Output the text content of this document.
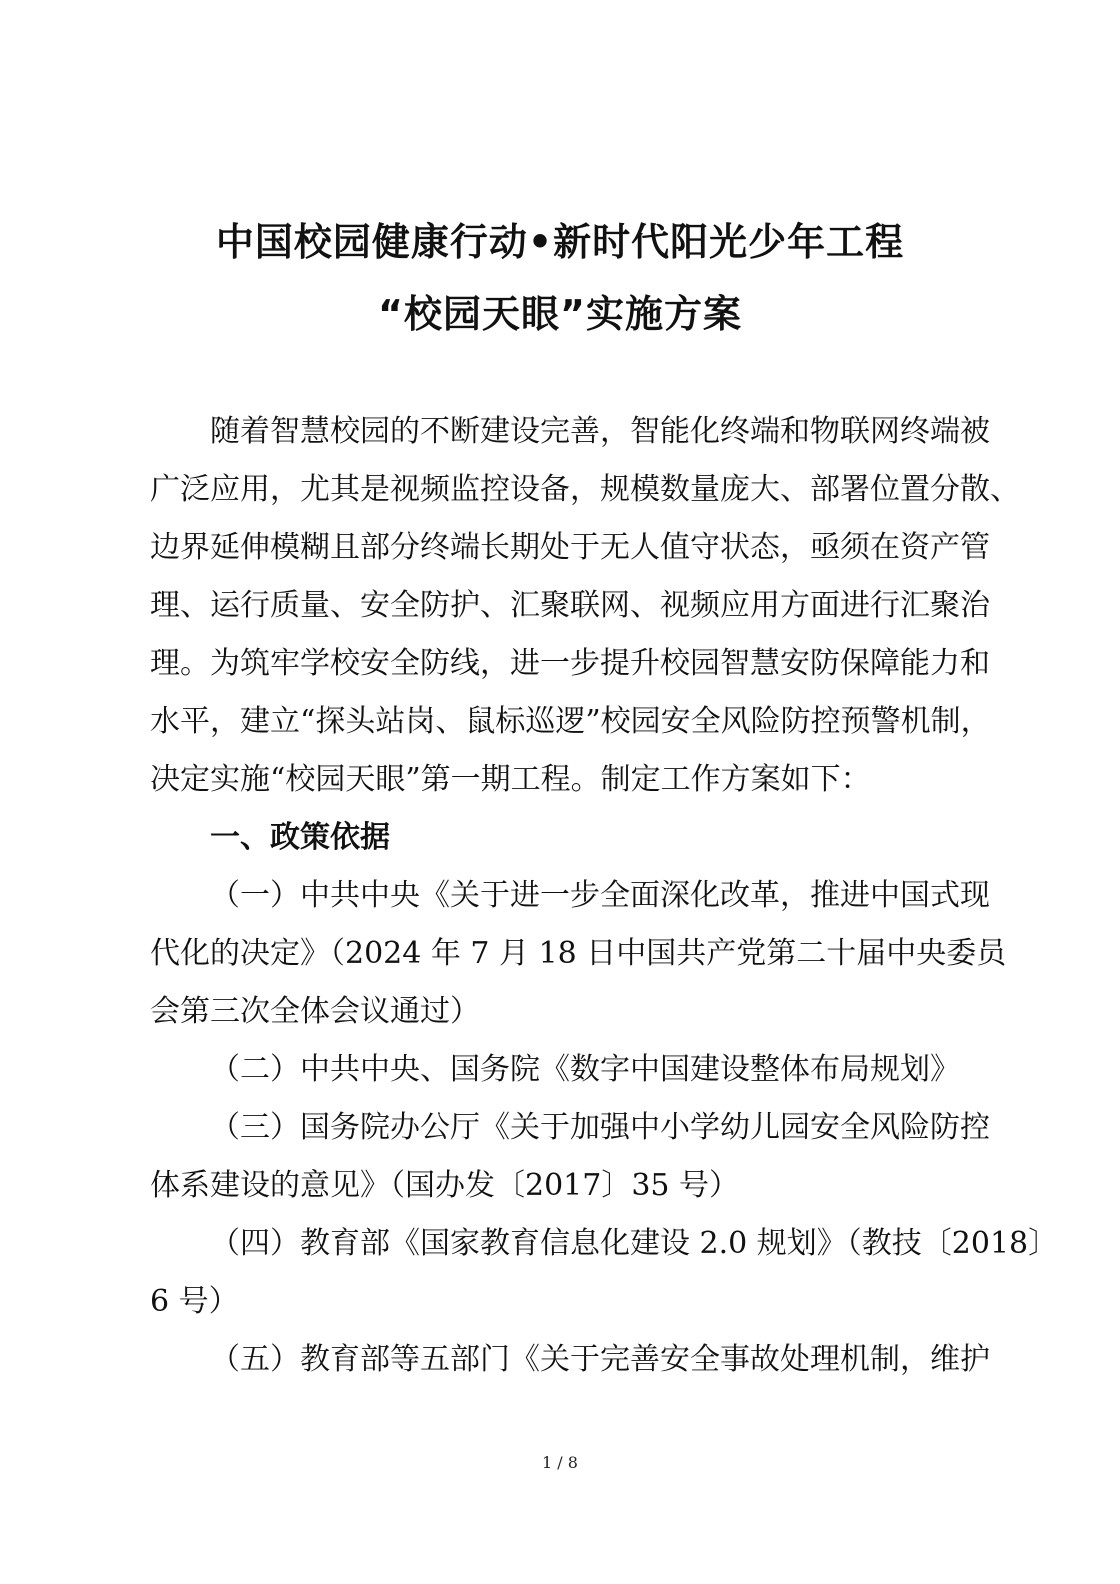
中国校园健康行动•新时代阳光少年工程
“校园天眼”实施方案
随着智慧校园的不断建设完善，智能化终端和物联网终端被
广泛应用，尤其是视频监控设备，规模数量庞大、部署位置分散、
边界延伸模糊且部分终端长期处于无人值守状态，亟须在资产管
理、运行质量、安全防护、汇聚联网、视频应用方面进行汇聚治
理。为筑牢学校安全防线，进一步提升校园智慧安防保障能力和
水平，建立“探头站岗、鼠标巡逻”校园安全风险防控预警机制，
决定实施“校园天眼”第一期工程。制定工作方案如下：
一、政策依据
（一）中共中央《关于进一步全面深化改革，推进中国式现
代化的决定》（2024 年 7 月 18 日中国共产党第二十届中央委员
会第三次全体会议通过）
（二）中共中央、国务院《数字中国建设整体布局规划》
（三）国务院办公厅《关于加强中小学幼儿园安全风险防控
体系建设的意见》（国办发〔2017〕35 号）
（四）教育部《国家教育信息化建设 2.0 规划》（教技〔2018〕
6 号）
（五）教育部等五部门《关于完善安全事故处理机制，维护
1 / 8
